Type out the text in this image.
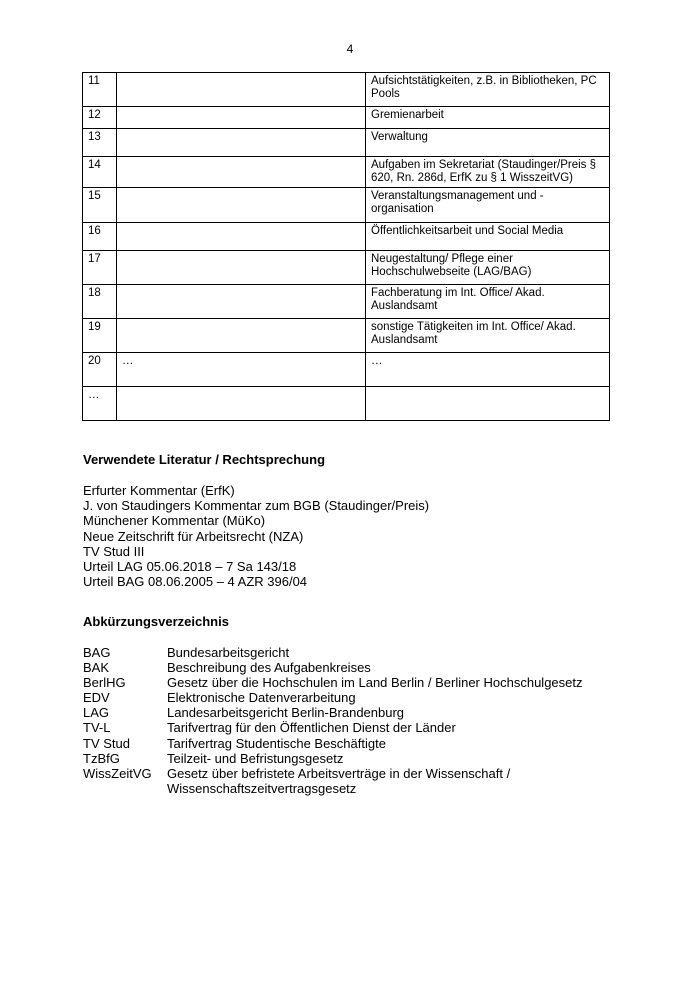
4
11		Aufsichtstätigkeiten, z.B. in Bibliotheken, PC Pools
12		Gremienarbeit
13		Verwaltung
14		Aufgaben im Sekretariat (Staudinger/Preis § 620, Rn. 286d, ErfK zu § 1 WisszeitVG)
15		Veranstaltungsmanagement und -organisation
16		Öffentlichkeitsarbeit und Social Media
17		Neugestaltung/ Pflege einer Hochschulwebseite (LAG/BAG)
18		Fachberatung im Int. Office/ Akad. Auslandsamt
19		sonstige Tätigkeiten im Int. Office/ Akad. Auslandsamt
20	…	…
…		
Verwendete Literatur / Rechtsprechung
Erfurter Kommentar (ErfK)
J. von Staudingers Kommentar zum BGB (Staudinger/Preis)
Münchener Kommentar (MüKo)
Neue Zeitschrift für Arbeitsrecht (NZA)
TV Stud III
Urteil LAG 05.06.2018 – 7 Sa 143/18
Urteil BAG 08.06.2005 – 4 AZR 396/04
Abkürzungsverzeichnis
BAG	Bundesarbeitsgericht
BAK	Beschreibung des Aufgabenkreises
BerlHG	Gesetz über die Hochschulen im Land Berlin / Berliner Hochschulgesetz
EDV	Elektronische Datenverarbeitung
LAG	Landesarbeitsgericht Berlin-Brandenburg
TV-L	Tarifvertrag für den Öffentlichen Dienst der Länder
TV Stud	Tarifvertrag Studentische Beschäftigte
TzBfG	Teilzeit- und Befristungsgesetz
WissZeitVG	Gesetz über befristete Arbeitsverträge in der Wissenschaft / Wissenschaftszeitvertragsgesetz
